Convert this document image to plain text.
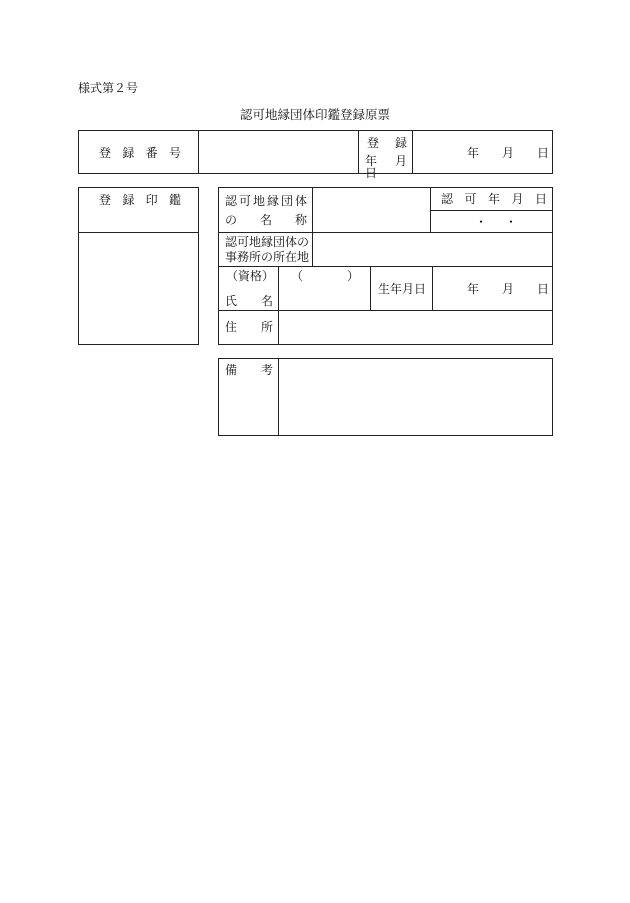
様式第２号
認可地縁団体印鑑登録原票
登 録 番 号
登 録
年 月 日
年 月 日
登 録 印 鑑	認可地縁団体
の 名 称
認 可 年 月 日
・ ・
認可地縁団体の
事務所の所在地
（資格）
氏 名
（ ）
生年月日	年 月 日
住 所
備 考
